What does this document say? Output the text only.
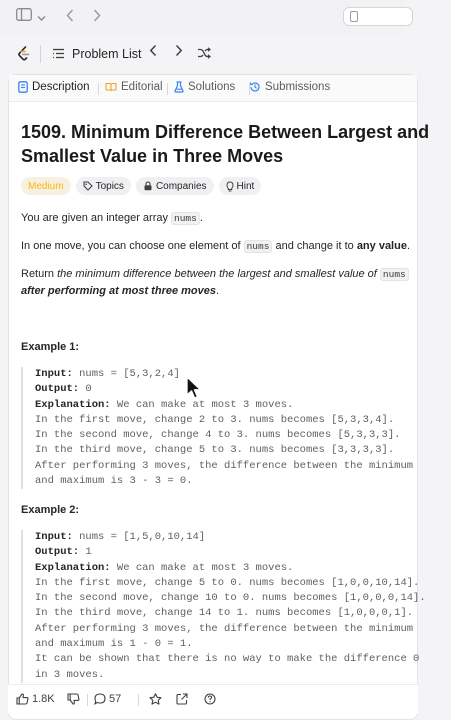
Problem List
Description	Editorial Solutions	Submissions
1509. Minimum Difference Between Largest and
Smallest Value in Three Moves
Medium	Topics	Companies	Hint
You are given an integer array nums .
In one move, you can choose one element of nums and change it to any value.
Return the minimum difference between the largest and smallest value of nums
after performing at most three moves.
Example 1:
Input: nums = [5,3,2,4]
Output: 0
Explanation: We can make at most 3 moves.
In the first move, change 2 to 3. nums becomes [5,3,3,4].
In the second move, change 4 to 3. nums becomes [5,3,3,3].
In the third move, change 5 to 3. nums becomes [3,3,3,3].
After performing 3 moves, the difference between the minimum
and maximum is 3 - 3 = 0.
Example 2:
Input: nums = [1,5,0,10,14]
Output: 1
Explanation: We can make at most 3 moves.
In the first move, change 5 to 0. nums becomes [1,0,0,10,14].
In the second move, change 10 to 0. nums becomes [1,0,0,0,14].
In the third move, change 14 to 1. nums becomes [1,0,0,0,1].
After performing 3 moves, the difference between the minimum
and maximum is 1 - 0 = 1.
It can be shown that there is no way to make the difference 0
in 3 moves.
1.8K	57
